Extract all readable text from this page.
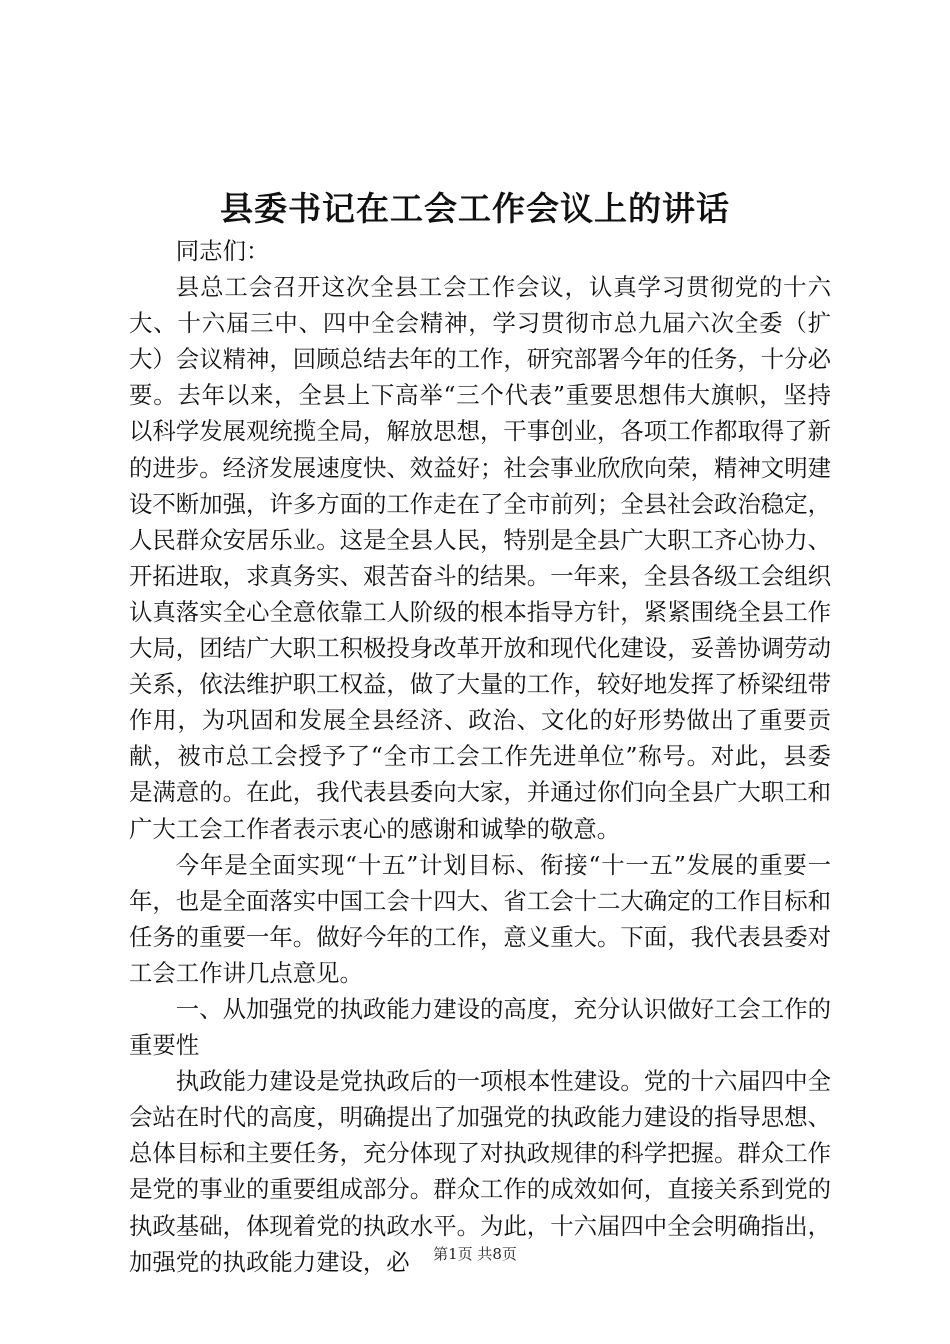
县委书记在工会工作会议上的讲话

同志们：

县总工会召开这次全县工会工作会议，认真学习贯彻党的十六大、十六届三中、四中全会精神，学习贯彻市总九届六次全委（扩大）会议精神，回顾总结去年的工作，研究部署今年的任务，十分必要。去年以来，全县上下高举“三个代表”重要思想伟大旗帜，坚持以科学发展观统揽全局，解放思想，干事创业，各项工作都取得了新的进步。经济发展速度快、效益好；社会事业欣欣向荣，精神文明建设不断加强，许多方面的工作走在了全市前列；全县社会政治稳定，人民群众安居乐业。这是全县人民，特别是全县广大职工齐心协力、开拓进取，求真务实、艰苦奋斗的结果。一年来，全县各级工会组织认真落实全心全意依靠工人阶级的根本指导方针，紧紧围绕全县工作大局，团结广大职工积极投身改革开放和现代化建设，妥善协调劳动关系，依法维护职工权益，做了大量的工作，较好地发挥了桥梁纽带作用，为巩固和发展全县经济、政治、文化的好形势做出了重要贡献，被市总工会授予了“全市工会工作先进单位”称号。对此，县委是满意的。在此，我代表县委向大家，并通过你们向全县广大职工和广大工会工作者表示衷心的感谢和诚挚的敬意。

今年是全面实现“十五”计划目标、衔接“十一五”发展的重要一年，也是全面落实中国工会十四大、省工会十二大确定的工作目标和任务的重要一年。做好今年的工作，意义重大。下面，我代表县委对工会工作讲几点意见。

一、从加强党的执政能力建设的高度，充分认识做好工会工作的重要性

执政能力建设是党执政后的一项根本性建设。党的十六届四中全会站在时代的高度，明确提出了加强党的执政能力建设的指导思想、总体目标和主要任务，充分体现了对执政规律的科学把握。群众工作是党的事业的重要组成部分。群众工作的成效如何，直接关系到党的执政基础，体现着党的执政水平。为此，十六届四中全会明确指出，加强党的执政能力建设，必	第1页 共8页
